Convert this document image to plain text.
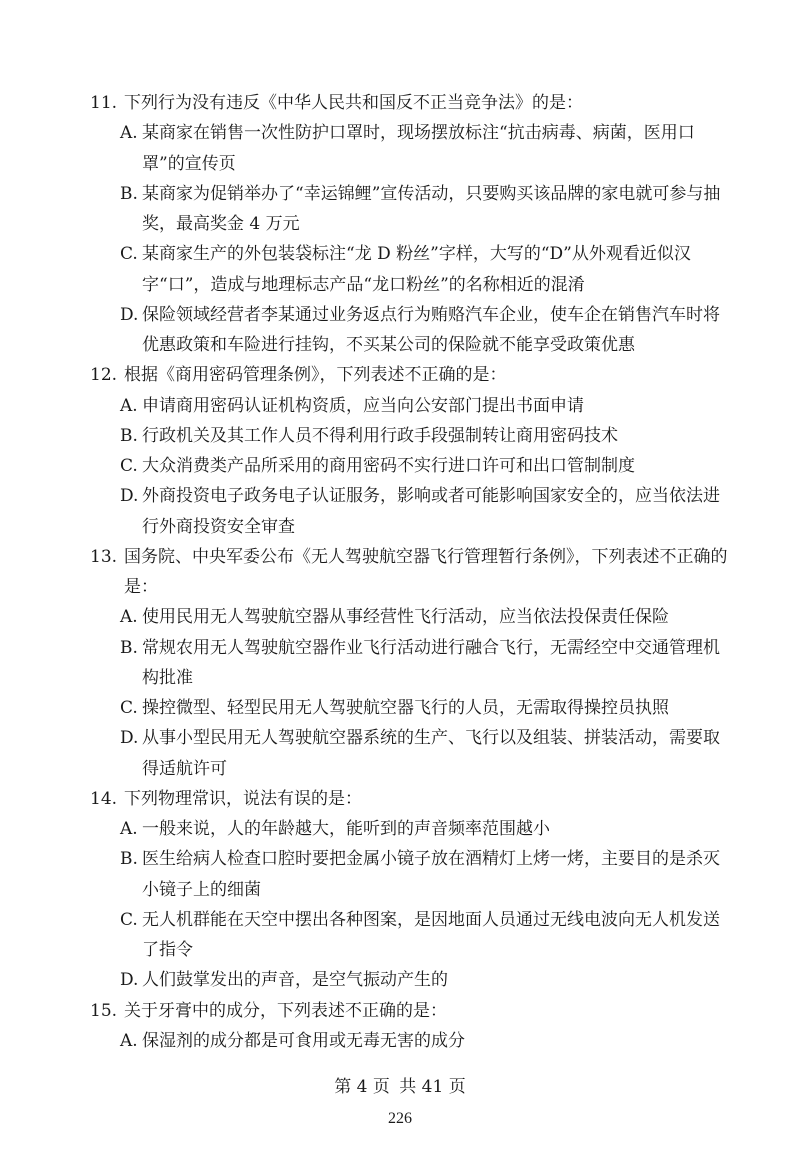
11. 下列行为没有违反《中华人民共和国反不正当竞争法》的是：
A. 某商家在销售一次性防护口罩时，现场摆放标注“抗击病毒、病菌，医用口罩”的宣传页
B. 某商家为促销举办了“幸运锦鲤”宣传活动，只要购买该品牌的家电就可参与抽奖，最高奖金 4 万元
C. 某商家生产的外包装袋标注“龙 D 粉丝”字样，大写的“D”从外观看近似汉字“口”，造成与地理标志产品“龙口粉丝”的名称相近的混淆
D. 保险领域经营者李某通过业务返点行为贿赂汽车企业，使车企在销售汽车时将优惠政策和车险进行挂钩，不买某公司的保险就不能享受政策优惠
12. 根据《商用密码管理条例》，下列表述不正确的是：
A. 申请商用密码认证机构资质，应当向公安部门提出书面申请
B. 行政机关及其工作人员不得利用行政手段强制转让商用密码技术
C. 大众消费类产品所采用的商用密码不实行进口许可和出口管制制度
D. 外商投资电子政务电子认证服务，影响或者可能影响国家安全的，应当依法进行外商投资安全审查
13. 国务院、中央军委公布《无人驾驶航空器飞行管理暂行条例》，下列表述不正确的是：
A. 使用民用无人驾驶航空器从事经营性飞行活动，应当依法投保责任保险
B. 常规农用无人驾驶航空器作业飞行活动进行融合飞行，无需经空中交通管理机构批准
C. 操控微型、轻型民用无人驾驶航空器飞行的人员，无需取得操控员执照
D. 从事小型民用无人驾驶航空器系统的生产、飞行以及组装、拼装活动，需要取得适航许可
14. 下列物理常识，说法有误的是：
A. 一般来说，人的年龄越大，能听到的声音频率范围越小
B. 医生给病人检查口腔时要把金属小镜子放在酒精灯上烤一烤，主要目的是杀灭小镜子上的细菌
C. 无人机群能在天空中摆出各种图案，是因地面人员通过无线电波向无人机发送了指令
D. 人们鼓掌发出的声音，是空气振动产生的
15. 关于牙膏中的成分，下列表述不正确的是：
A. 保湿剂的成分都是可食用或无毒无害的成分
第 4 页 共 41 页
226
